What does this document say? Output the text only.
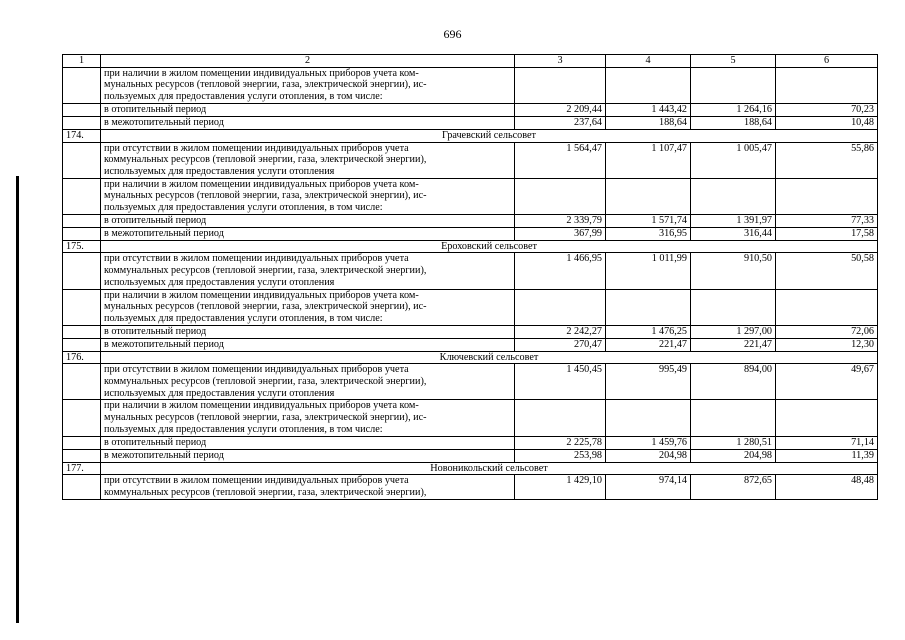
696
1	2	3	4	5	6
	при наличии в жилом помещении индивидуальных приборов учета ком-
мунальных ресурсов (тепловой энергии, газа, электрической энергии), ис-
пользуемых для предоставления услуги отопления, в том числе:				
	в отопительный период	2 209,44	1 443,42	1 264,16	70,23
	в межотопительный период	237,64	188,64	188,64	10,48
174.	Грачевский сельсовет				
	при отсутствии в жилом помещении индивидуальных приборов учета
коммунальных ресурсов (тепловой энергии, газа, электрической энергии),
используемых для предоставления услуги отопления	1 564,47	1 107,47	1 005,47	55,86
	при наличии в жилом помещении индивидуальных приборов учета ком-
мунальных ресурсов (тепловой энергии, газа, электрической энергии), ис-
пользуемых для предоставления услуги отопления, в том числе:				
	в отопительный период	2 339,79	1 571,74	1 391,97	77,33
	в межотопительный период	367,99	316,95	316,44	17,58
175.	Ероховский сельсовет				
	при отсутствии в жилом помещении индивидуальных приборов учета
коммунальных ресурсов (тепловой энергии, газа, электрической энергии),
используемых для предоставления услуги отопления	1 466,95	1 011,99	910,50	50,58
	при наличии в жилом помещении индивидуальных приборов учета ком-
мунальных ресурсов (тепловой энергии, газа, электрической энергии), ис-
пользуемых для предоставления услуги отопления, в том числе:				
	в отопительный период	2 242,27	1 476,25	1 297,00	72,06
	в межотопительный период	270,47	221,47	221,47	12,30
176.	Ключевский сельсовет				
	при отсутствии в жилом помещении индивидуальных приборов учета
коммунальных ресурсов (тепловой энергии, газа, электрической энергии),
используемых для предоставления услуги отопления	1 450,45	995,49	894,00	49,67
	при наличии в жилом помещении индивидуальных приборов учета ком-
мунальных ресурсов (тепловой энергии, газа, электрической энергии), ис-
пользуемых для предоставления услуги отопления, в том числе:				
	в отопительный период	2 225,78	1 459,76	1 280,51	71,14
	в межотопительный период	253,98	204,98	204,98	11,39
177.	Новоникольский сельсовет				
	при отсутствии в жилом помещении индивидуальных приборов учета
коммунальных ресурсов (тепловой энергии, газа, электрической энергии),	1 429,10	974,14	872,65	48,48
